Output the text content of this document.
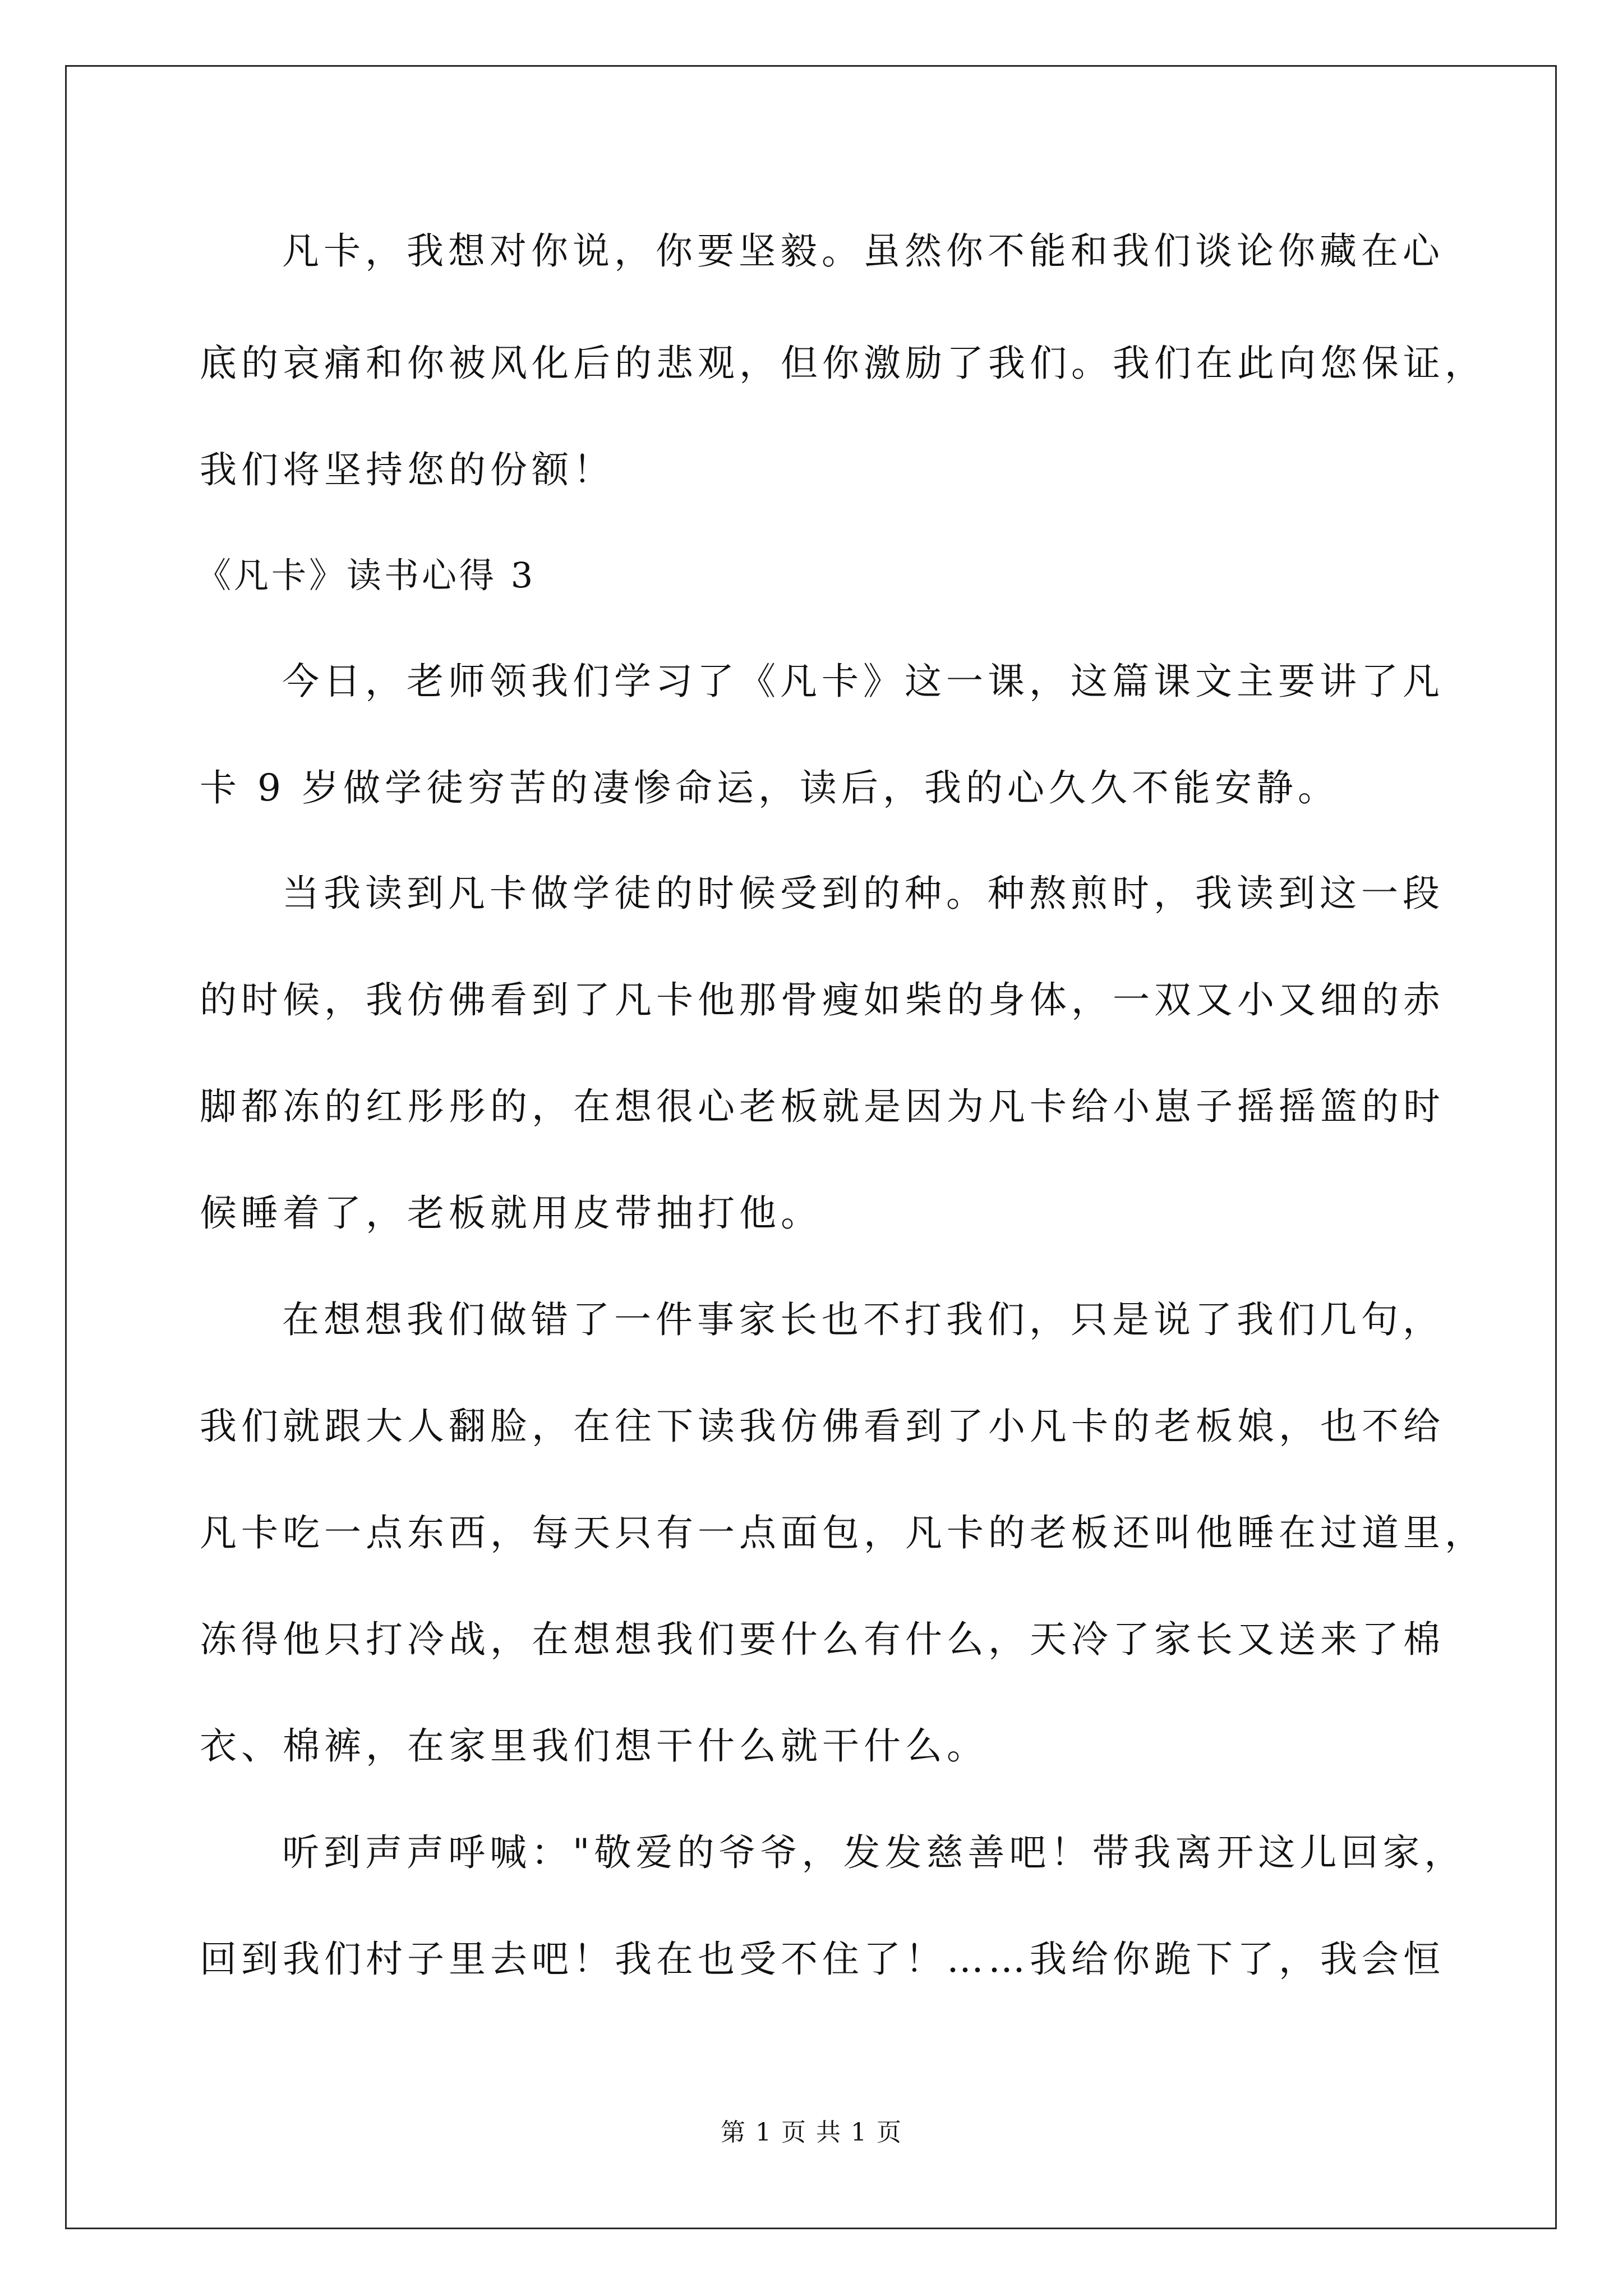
凡卡，我想对你说，你要坚毅。虽然你不能和我们谈论你藏在心
底的哀痛和你被风化后的悲观，但你激励了我们。我们在此向您保证，
我们将坚持您的份额！
《凡卡》读书心得 3
今日，老师领我们学习了《凡卡》这一课，这篇课文主要讲了凡
卡 9 岁做学徒穷苦的凄惨命运，读后，我的心久久不能安静。
当我读到凡卡做学徒的时候受到的种。种熬煎时，我读到这一段
的时候，我仿佛看到了凡卡他那骨瘦如柴的身体，一双又小又细的赤
脚都冻的红彤彤的，在想很心老板就是因为凡卡给小崽子摇摇篮的时
候睡着了，老板就用皮带抽打他。
在想想我们做错了一件事家长也不打我们，只是说了我们几句，
我们就跟大人翻脸，在往下读我仿佛看到了小凡卡的老板娘，也不给
凡卡吃一点东西，每天只有一点面包，凡卡的老板还叫他睡在过道里，
冻得他只打冷战，在想想我们要什么有什么，天冷了家长又送来了棉
衣、棉裤，在家里我们想干什么就干什么。
听到声声呼喊："敬爱的爷爷，发发慈善吧！带我离开这儿回家，
回到我们村子里去吧！我在也受不住了！……我给你跪下了，我会恒
第 1 页 共 1 页
